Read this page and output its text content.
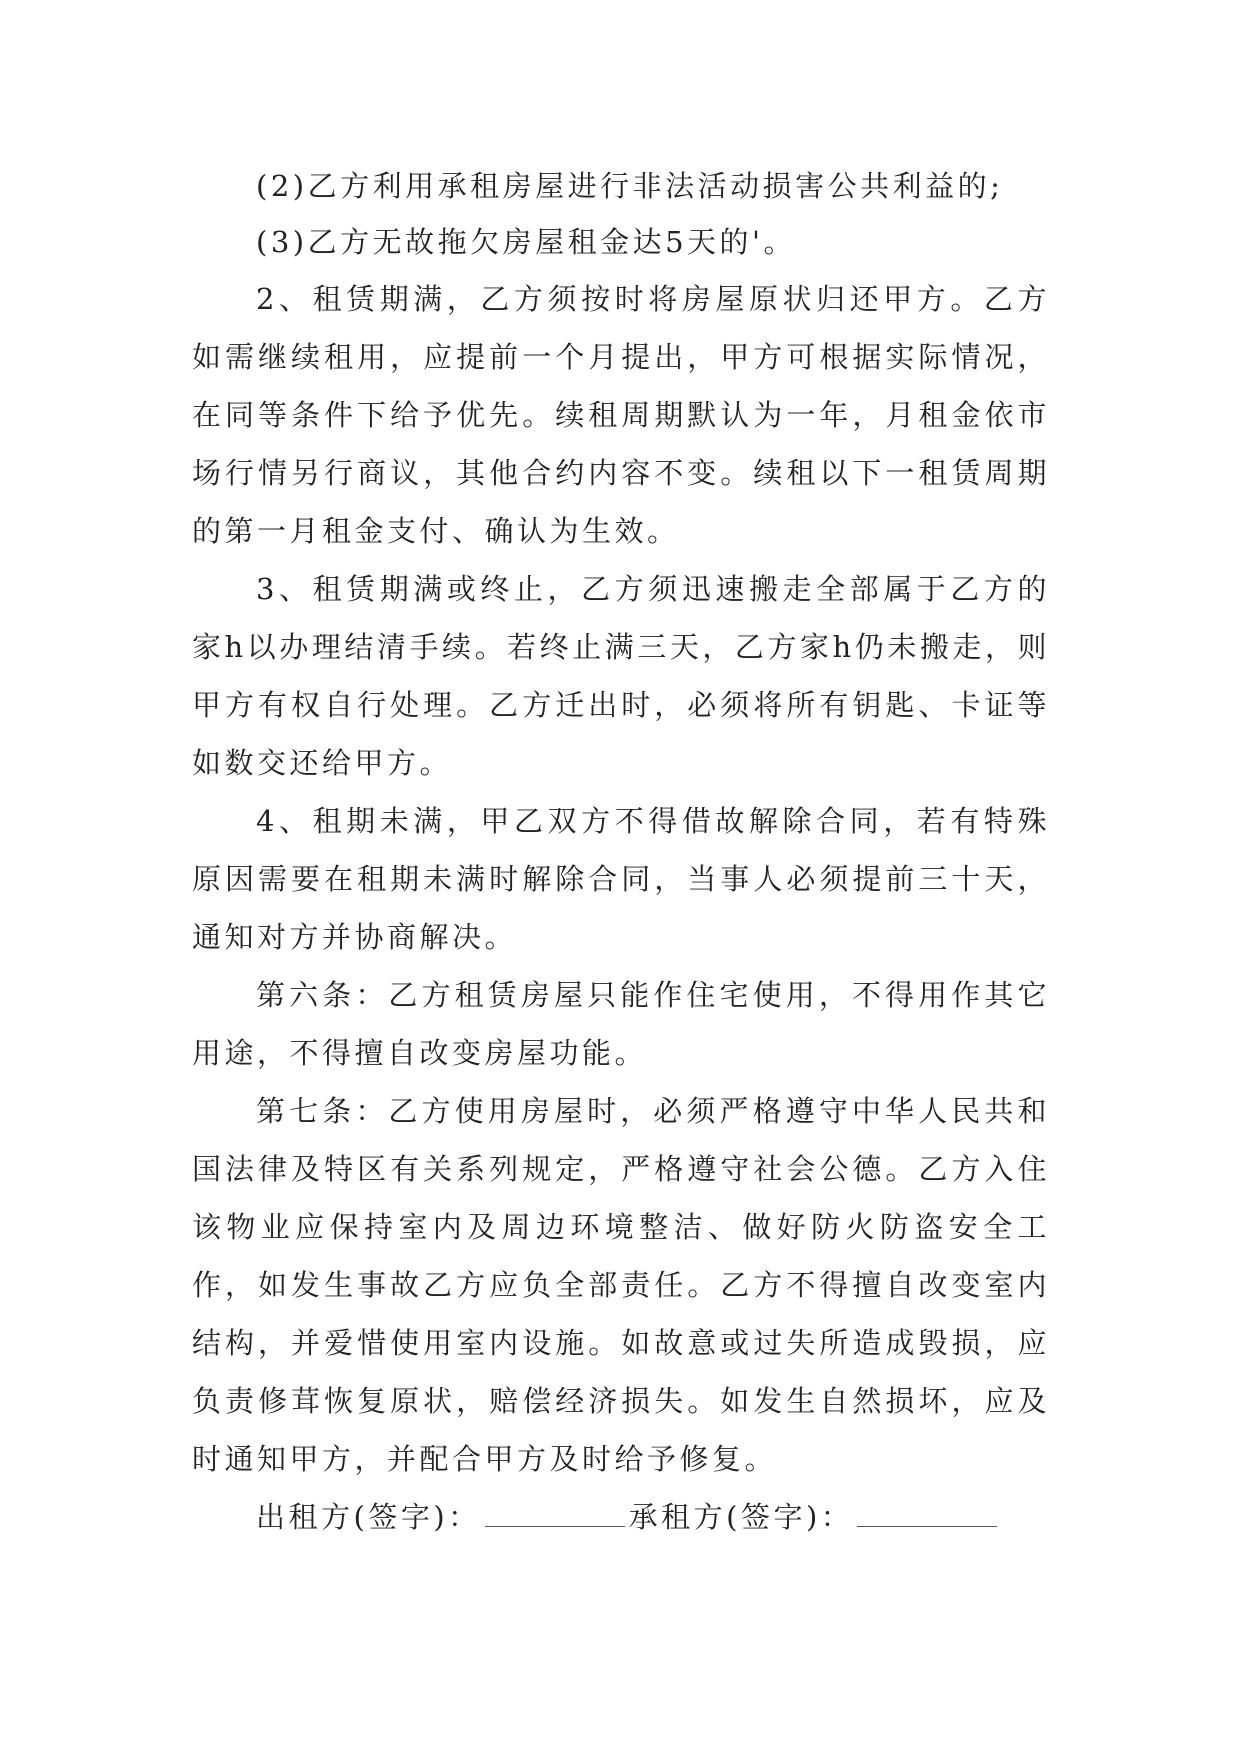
(2)乙方利用承租房屋进行非法活动损害公共利益的;

(3)乙方无故拖欠房屋租金达5天的'。

2、租赁期满，乙方须按时将房屋原状归还甲方。乙方如需继续租用，应提前一个月提出，甲方可根据实际情况，在同等条件下给予优先。续租周期默认为一年，月租金依市场行情另行商议，其他合约内容不变。续租以下一租赁周期的第一月租金支付、确认为生效。

3、租赁期满或终止，乙方须迅速搬走全部属于乙方的家h以办理结清手续。若终止满三天，乙方家h仍未搬走，则甲方有权自行处理。乙方迁出时，必须将所有钥匙、卡证等如数交还给甲方。

4、租期未满，甲乙双方不得借故解除合同，若有特殊原因需要在租期未满时解除合同，当事人必须提前三十天，通知对方并协商解决。

第六条：乙方租赁房屋只能作住宅使用，不得用作其它用途，不得擅自改变房屋功能。

第七条：乙方使用房屋时，必须严格遵守中华人民共和国法律及特区有关系列规定，严格遵守社会公德。乙方入住该物业应保持室内及周边环境整洁、做好防火防盗安全工作，如发生事故乙方应负全部责任。乙方不得擅自改变室内结构，并爱惜使用室内设施。如故意或过失所造成毁损，应负责修茸恢复原状，赔偿经济损失。如发生自然损坏，应及时通知甲方，并配合甲方及时给予修复。

出租方(签字)：	承租方(签字)：
